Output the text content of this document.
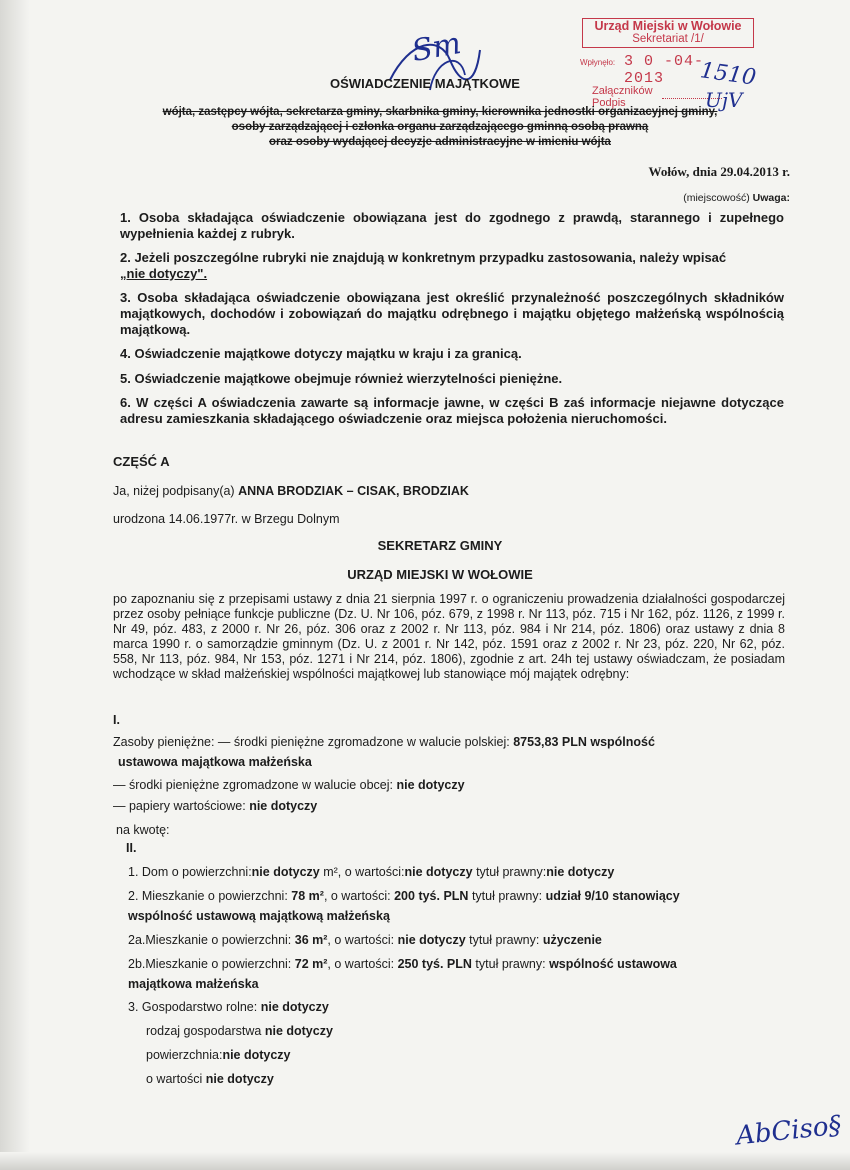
Urząd Miejski w Wołowie
Sekretariat /1/
Wpłynęło: 3 0 -04- 2013
Załączników
Podpis
Sm
1510
UjV
OŚWIADCZENIE MAJĄTKOWE
wójta, zastępcy wójta, sekretarza gminy, skarbnika gminy, kierownika jednostki organizacyjnej gminy,
osoby zarządzającej i członka organu zarządzającego gminną osobą prawną
oraz osoby wydającej decyzje administracyjne w imieniu wójta
Wołów, dnia 29.04.2013 r.
(miejscowość) Uwaga:
1. Osoba składająca oświadczenie obowiązana jest do zgodnego z prawdą, starannego i zupełnego wypełnienia każdej z rubryk.
2. Jeżeli poszczególne rubryki nie znajdują w konkretnym przypadku zastosowania, należy wpisać
„nie dotyczy".
3. Osoba składająca oświadczenie obowiązana jest określić przynależność poszczególnych składników majątkowych, dochodów i zobowiązań do majątku odrębnego i majątku objętego małżeńską wspólnością majątkową.
4. Oświadczenie majątkowe dotyczy majątku w kraju i za granicą.
5. Oświadczenie majątkowe obejmuje również wierzytelności pieniężne.
6. W części A oświadczenia zawarte są informacje jawne, w części B zaś informacje niejawne dotyczące adresu zamieszkania składającego oświadczenie oraz miejsca położenia nieruchomości.
CZĘŚĆ A
Ja, niżej podpisany(a) ANNA BRODZIAK – CISAK, BRODZIAK
urodzona 14.06.1977r. w Brzegu Dolnym
SEKRETARZ GMINY
URZĄD MIEJSKI W WOŁOWIE
po zapoznaniu się z przepisami ustawy z dnia 21 sierpnia 1997 r. o ograniczeniu prowadzenia działalności gospodarczej przez osoby pełniące funkcje publiczne (Dz. U. Nr 106, póz. 679, z 1998 r. Nr 113, póz. 715 i Nr 162, póz. 1126, z 1999 r. Nr 49, póz. 483, z 2000 r. Nr 26, póz. 306 oraz z 2002 r. Nr 113, póz. 984 i Nr 214, póz. 1806) oraz ustawy z dnia 8 marca 1990 r. o samorządzie gminnym (Dz. U. z 2001 r. Nr 142, póz. 1591 oraz z 2002 r. Nr 23, póz. 220, Nr 62, póz. 558, Nr 113, póz. 984, Nr 153, póz. 1271 i Nr 214, póz. 1806), zgodnie z art. 24h tej ustawy oświadczam, że posiadam wchodzące w skład małżeńskiej wspólności majątkowej lub stanowiące mój majątek odrębny:
I.
Zasoby pieniężne: — środki pieniężne zgromadzone w walucie polskiej: 8753,83 PLN wspólność
ustawowa majątkowa małżeńska
— środki pieniężne zgromadzone w walucie obcej: nie dotyczy
— papiery wartościowe: nie dotyczy
na kwotę:
II.
1. Dom o powierzchni:nie dotyczy m², o wartości:nie dotyczy tytuł prawny:nie dotyczy
2. Mieszkanie o powierzchni: 78 m², o wartości: 200 tyś. PLN tytuł prawny: udział 9/10 stanowiący
wspólność ustawową majątkową małżeńską
2a.Mieszkanie o powierzchni: 36 m², o wartości: nie dotyczy tytuł prawny: użyczenie
2b.Mieszkanie o powierzchni: 72 m², o wartości: 250 tyś. PLN tytuł prawny: wspólność ustawowa
majątkowa małżeńska
3. Gospodarstwo rolne: nie dotyczy
rodzaj gospodarstwa nie dotyczy
powierzchnia:nie dotyczy
o wartości nie dotyczy
AbCiso§
